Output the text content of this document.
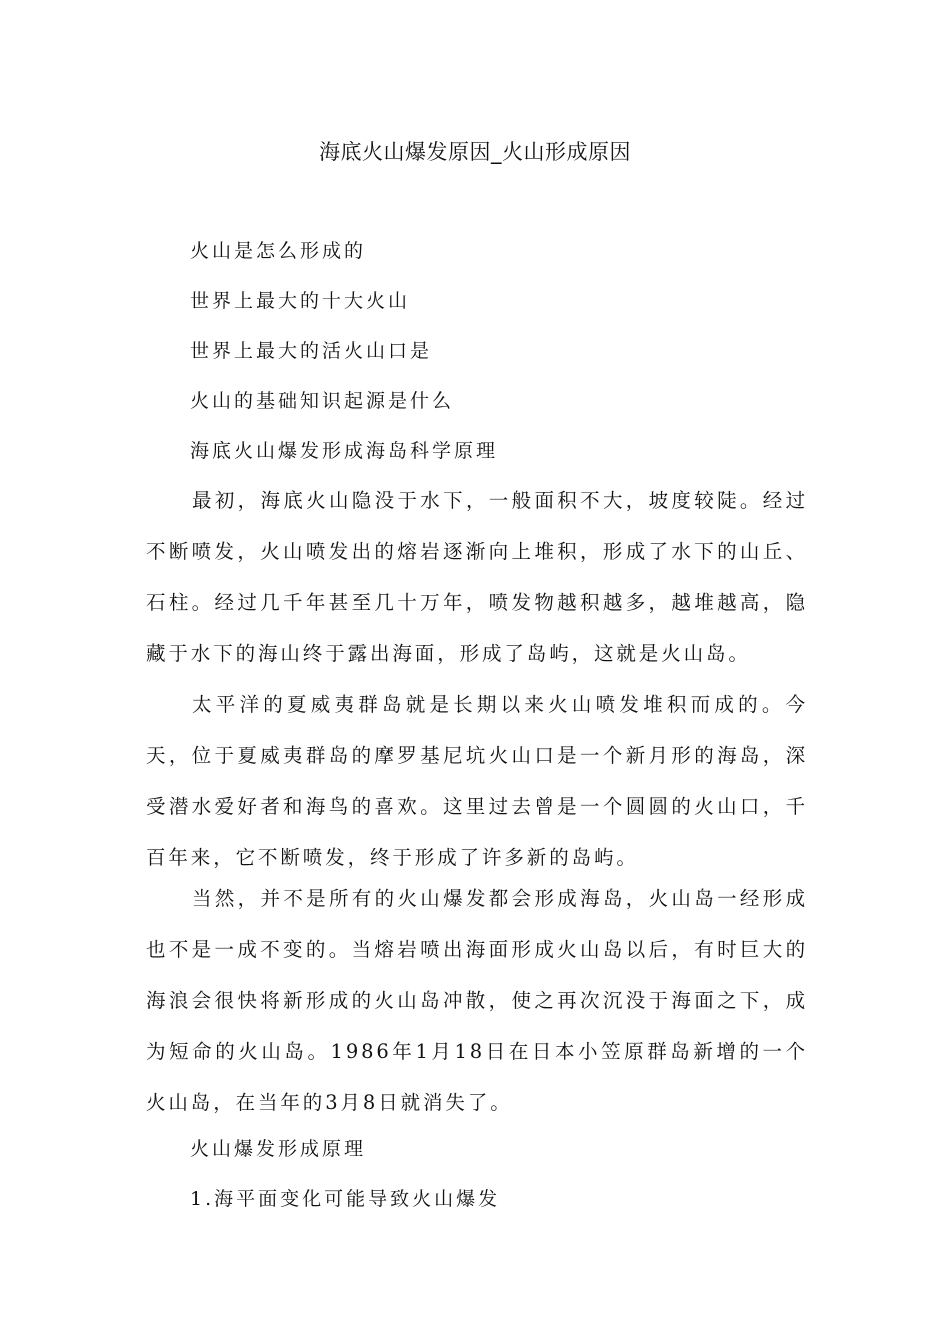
海底火山爆发原因_火山形成原因

火山是怎么形成的

世界上最大的十大火山

世界上最大的活火山口是

火山的基础知识起源是什么

海底火山爆发形成海岛科学原理

最初，海底火山隐没于水下，一般面积不大，坡度较陡。经过不断喷发，火山喷发出的熔岩逐渐向上堆积，形成了水下的山丘、石柱。经过几千年甚至几十万年，喷发物越积越多，越堆越高，隐藏于水下的海山终于露出海面，形成了岛屿，这就是火山岛。

太平洋的夏威夷群岛就是长期以来火山喷发堆积而成的。今天，位于夏威夷群岛的摩罗基尼坑火山口是一个新月形的海岛，深受潜水爱好者和海鸟的喜欢。这里过去曾是一个圆圆的火山口，千百年来，它不断喷发，终于形成了许多新的岛屿。

当然，并不是所有的火山爆发都会形成海岛，火山岛一经形成也不是一成不变的。当熔岩喷出海面形成火山岛以后，有时巨大的海浪会很快将新形成的火山岛冲散，使之再次沉没于海面之下，成为短命的火山岛。1986年1月18日在日本小笠原群岛新增的一个火山岛，在当年的3月8日就消失了。

火山爆发形成原理

1.海平面变化可能导致火山爆发
